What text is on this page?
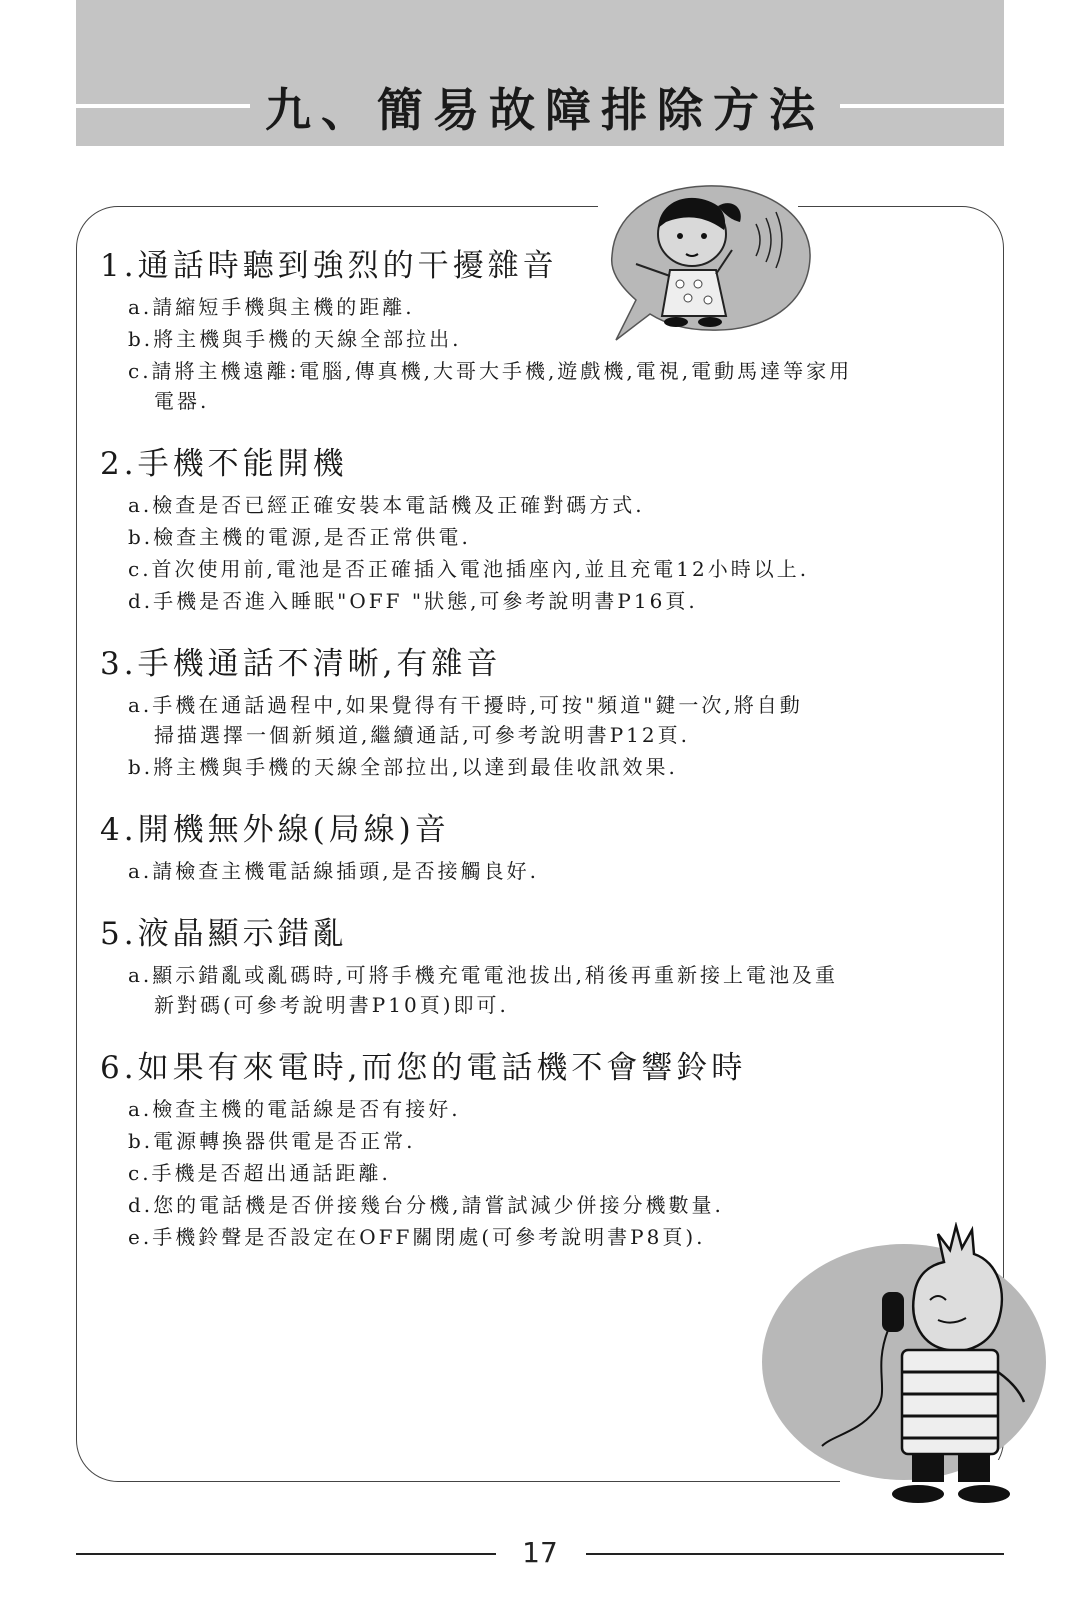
九、簡易故障排除方法
1.通話時聽到強烈的干擾雜音
a.請縮短手機與主機的距離.
b.將主機與手機的天線全部拉出.
c.請將主機遠離:電腦,傳真機,大哥大手機,遊戲機,電視,電動馬達等家用
電器.
2.手機不能開機
a.檢查是否已經正確安裝本電話機及正確對碼方式.
b.檢查主機的電源,是否正常供電.
c.首次使用前,電池是否正確插入電池插座內,並且充電12小時以上.
d.手機是否進入睡眠"OFF "狀態,可參考說明書P16頁.
3.手機通話不清晰,有雜音
a.手機在通話過程中,如果覺得有干擾時,可按"頻道"鍵一次,將自動
掃描選擇一個新頻道,繼續通話,可參考說明書P12頁.
b.將主機與手機的天線全部拉出,以達到最佳收訊效果.
4.開機無外線(局線)音
a.請檢查主機電話線插頭,是否接觸良好.
5.液晶顯示錯亂
a.顯示錯亂或亂碼時,可將手機充電電池拔出,稍後再重新接上電池及重
新對碼(可參考說明書P10頁)即可.
6.如果有來電時,而您的電話機不會響鈴時
a.檢查主機的電話線是否有接好.
b.電源轉換器供電是否正常.
c.手機是否超出通話距離.
d.您的電話機是否併接幾台分機,請嘗試減少併接分機數量.
e.手機鈴聲是否設定在OFF關閉處(可參考說明書P8頁).
17
